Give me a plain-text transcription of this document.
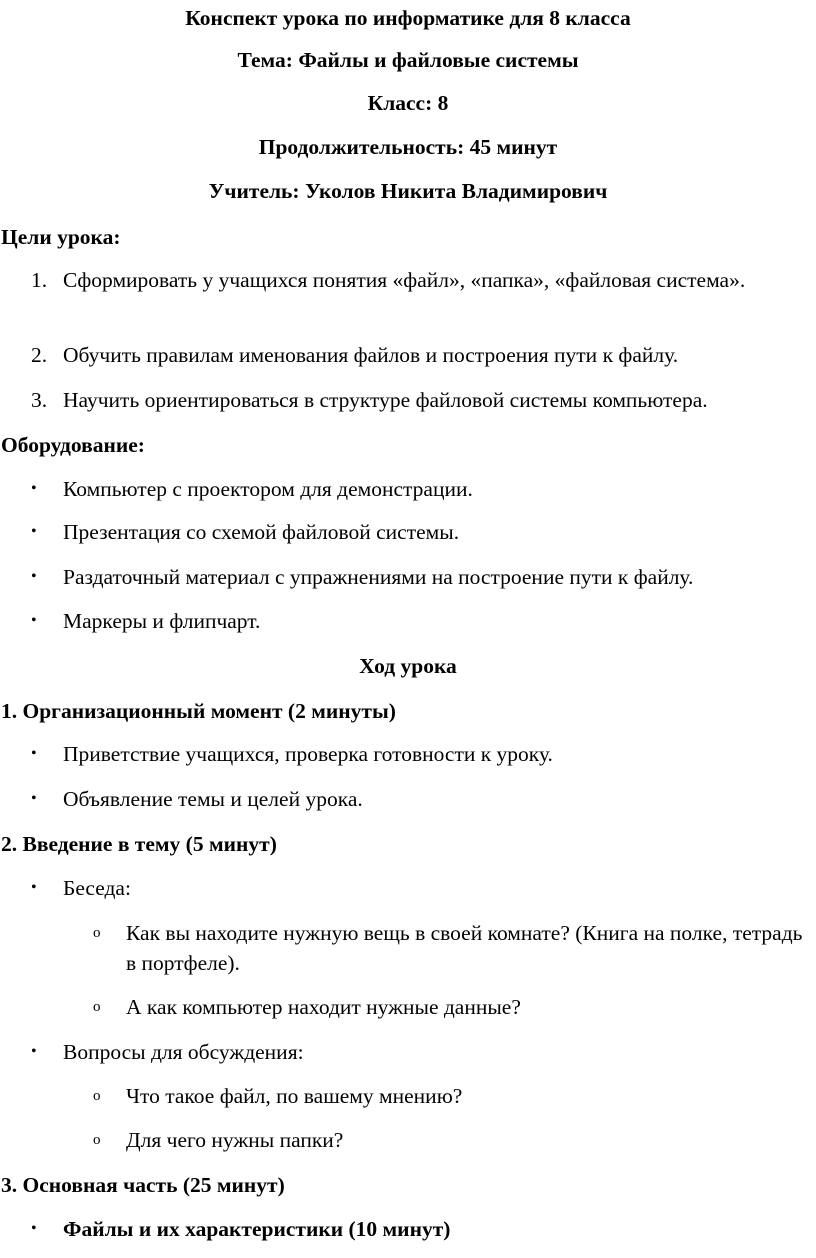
Конспект урока по информатике для 8 класса
Тема: Файлы и файловые системы
Класс: 8
Продолжительность: 45 минут
Учитель: Уколов Никита Владимирович
Цели урока:
1. Сформировать у учащихся понятия «файл», «папка», «файловая система».
2. Обучить правилам именования файлов и построения пути к файлу.
3. Научить ориентироваться в структуре файловой системы компьютера.
Оборудование:
• Компьютер с проектором для демонстрации.
• Презентация со схемой файловой системы.
• Раздаточный материал с упражнениями на построение пути к файлу.
• Маркеры и флипчарт.
Ход урока
1. Организационный момент (2 минуты)
• Приветствие учащихся, проверка готовности к уроку.
• Объявление темы и целей урока.
2. Введение в тему (5 минут)
• Беседа:
o	Как вы находите нужную вещь в своей комнате? (Книга на полке, тетрадь в портфеле).
o	А как компьютер находит нужные данные?
• Вопросы для обсуждения:
o	Что такое файл, по вашему мнению?
o	Для чего нужны папки?
3. Основная часть (25 минут)
• Файлы и их характеристики (10 минут)
